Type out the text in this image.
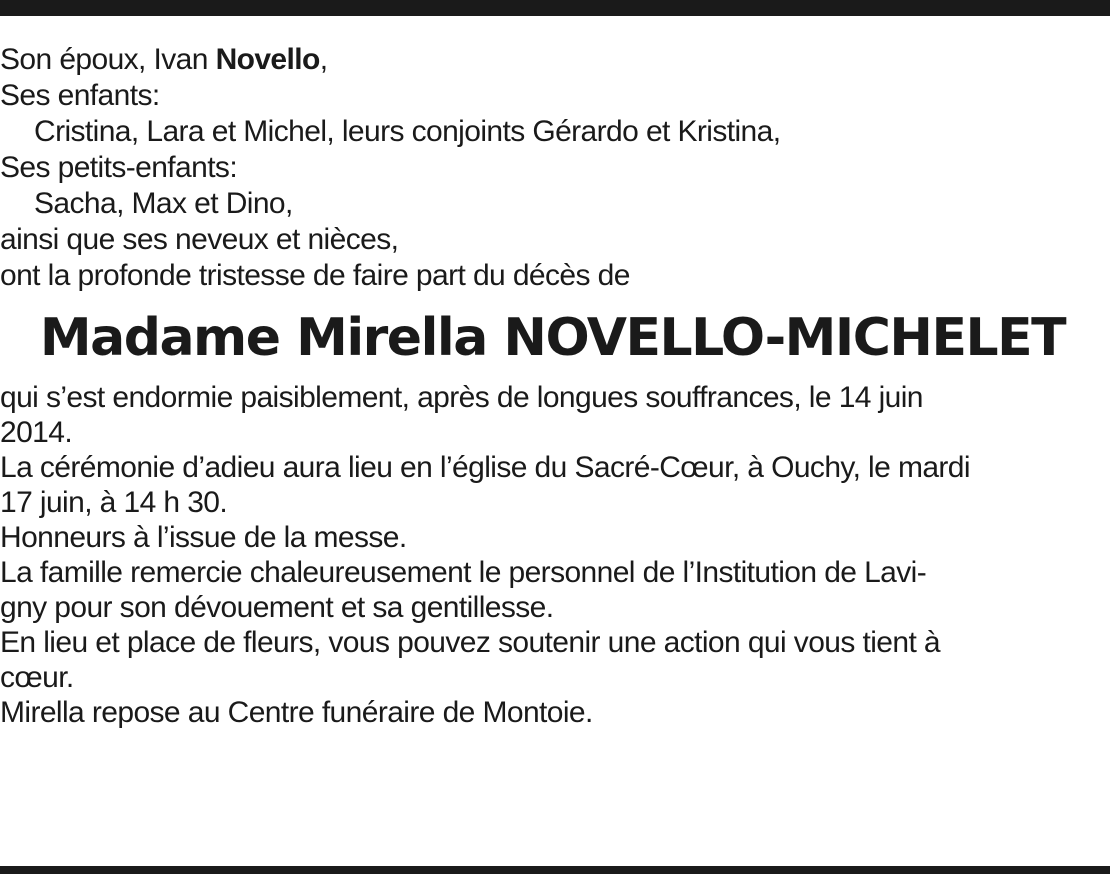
Son époux, Ivan Novello,
Ses enfants:
Cristina, Lara et Michel, leurs conjoints Gérardo et Kristina,
Ses petits-enfants:
Sacha, Max et Dino,
ainsi que ses neveux et nièces,
ont la profonde tristesse de faire part du décès de
Madame Mirella NOVELLO-MICHELET
qui s’est endormie paisiblement, après de longues souffrances, le 14 juin
2014.
La cérémonie d’adieu aura lieu en l’église du Sacré-Cœur, à Ouchy, le mardi
17 juin, à 14 h 30.
Honneurs à l’issue de la messe.
La famille remercie chaleureusement le personnel de l’Institution de Lavi-
gny pour son dévouement et sa gentillesse.
En lieu et place de fleurs, vous pouvez soutenir une action qui vous tient à
cœur.
Mirella repose au Centre funéraire de Montoie.
